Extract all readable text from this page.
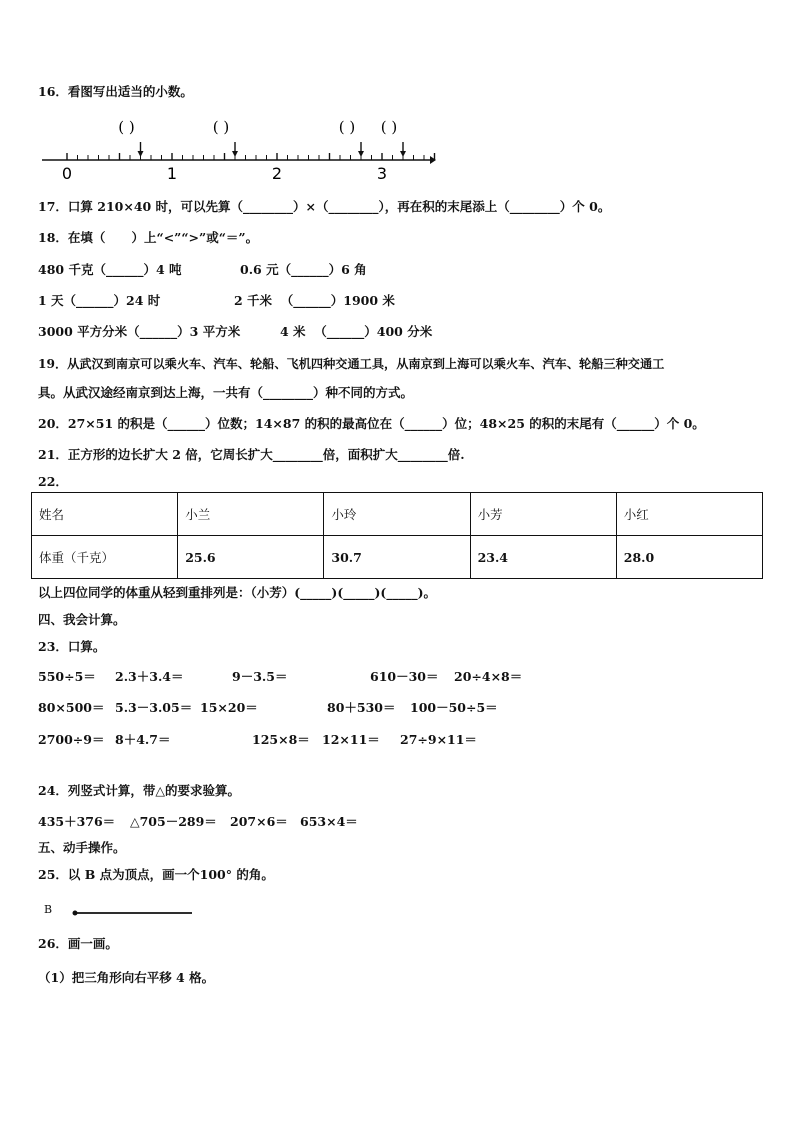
16．看图写出适当的小数。
( )	( )	( ) ( )
0	1	2	3
17．口算 210×40 时，可以先算（________）×（________），再在积的末尾添上（________）个 0。
18．在填（      ）上“<”“>”或“＝”。
480 千克（______）4 吨	0.6 元（______）6 角
1 天（______）24 时	2 千米  （______）1900 米
3000 平方分米（______）3 平方米	4 米  （______）400 分米
19．从武汉到南京可以乘火车、汽车、轮船、飞机四种交通工具，从南京到上海可以乘火车、汽车、轮船三种交通工
具。从武汉途经南京到达上海，一共有（________）种不同的方式。
20．27×51 的积是（______）位数；14×87 的积的最高位在（______）位；48×25 的积的末尾有（______）个 0。
21．正方形的边长扩大 2 倍，它周长扩大________倍，面积扩大________倍.
22．
姓名	小兰	小玲	小芳	小红
体重（千克）	25.6	30.7	23.4	28.0
以上四位同学的体重从轻到重排列是：（小芳）(_____)(_____)(_____)。
四、我会计算。
23．口算。
550÷5＝ 2.3＋3.4＝	9－3.5＝	610－30＝ 20÷4×8＝
80×500＝ 5.3－3.05＝ 15×20＝	80＋530＝ 100－50÷5＝
2700÷9＝ 8＋4.7＝	125×8＝ 12×11＝ 27÷9×11＝
24．列竖式计算，带△的要求验算。
435＋376＝ △705－289＝ 207×6＝ 653×4＝
五、动手操作。
25．以 B 点为顶点，画一个100° 的角。
B
26．画一画。
（1）把三角形向右平移 4 格。
